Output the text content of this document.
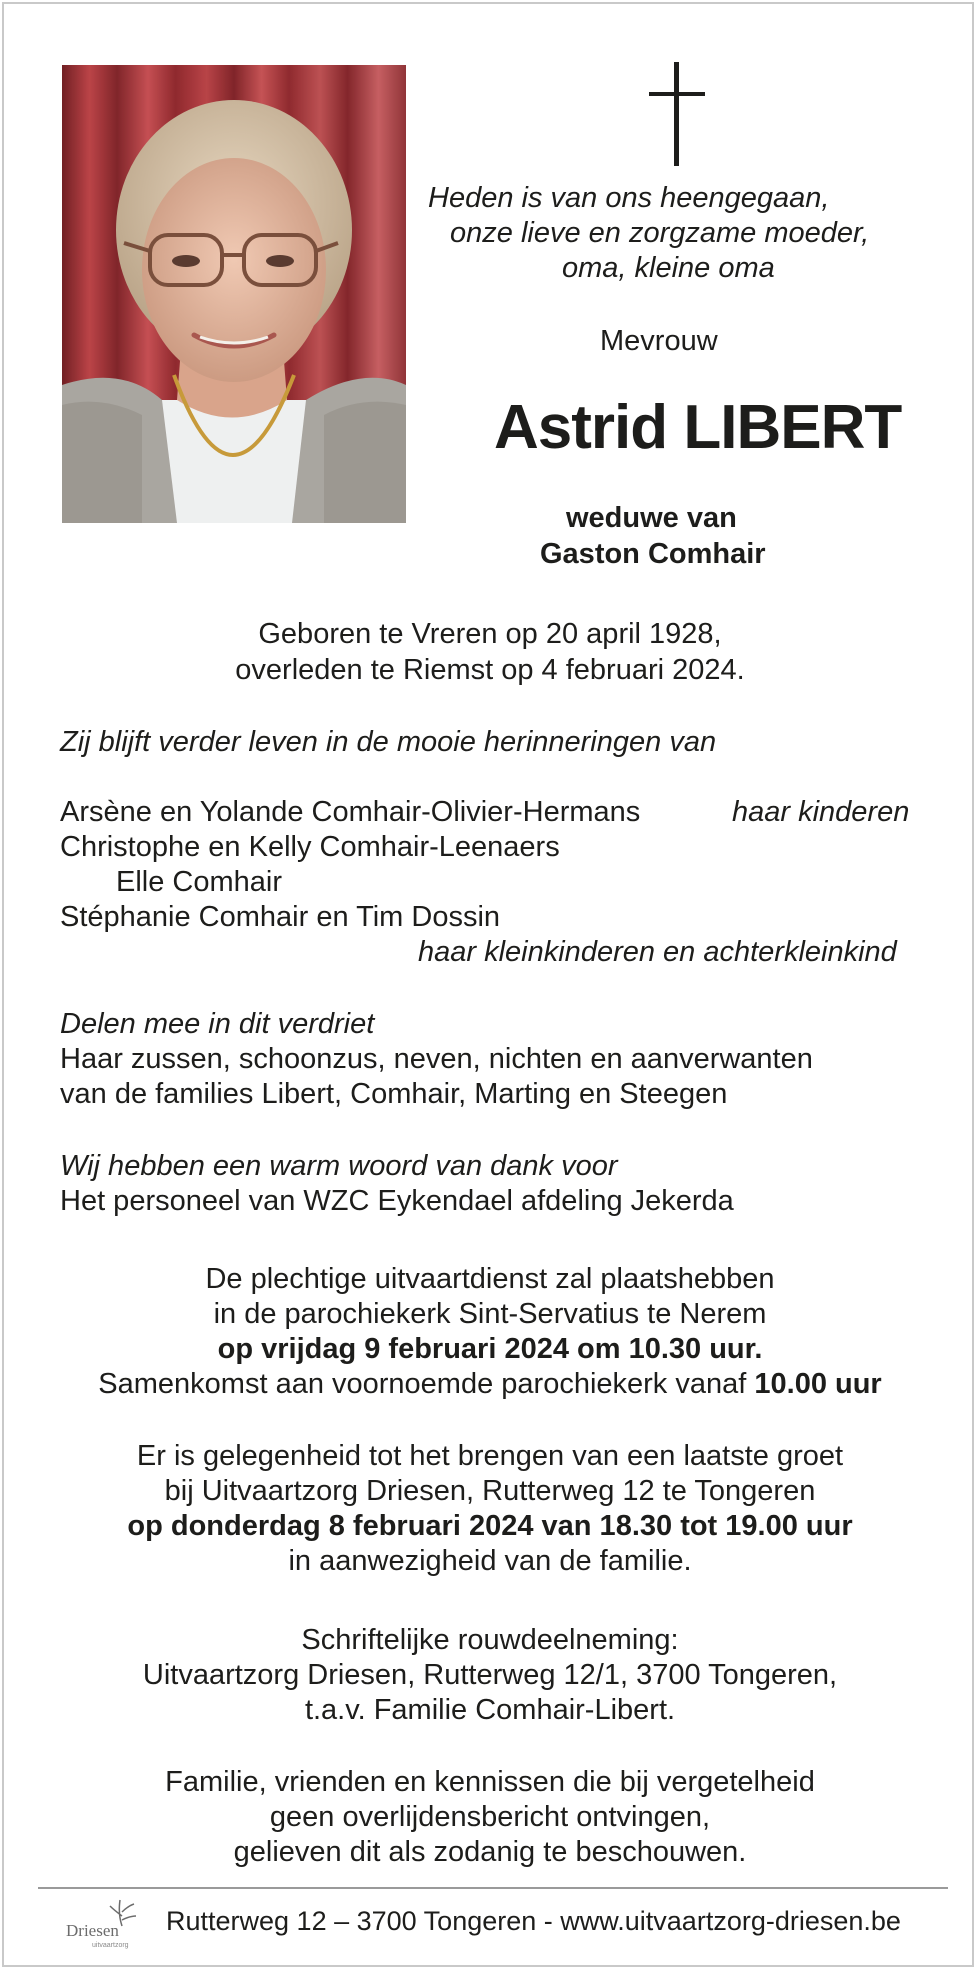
Heden is van ons heengegaan,
onze lieve en zorgzame moeder,
oma, kleine oma
Mevrouw
Astrid LIBERT
weduwe van
Gaston Comhair
Geboren te Vreren op 20 april 1928,
overleden te Riemst op 4 februari 2024.
Zij blijft verder leven in de mooie herinneringen van
Arsène en Yolande Comhair-Olivier-Hermans	haar kinderen
Christophe en Kelly Comhair-Leenaers
Elle Comhair
Stéphanie Comhair en Tim Dossin
haar kleinkinderen en achterkleinkind
Delen mee in dit verdriet
Haar zussen, schoonzus, neven, nichten en aanverwanten
van de families Libert, Comhair, Marting en Steegen
Wij hebben een warm woord van dank voor
Het personeel van WZC Eykendael afdeling Jekerda
De plechtige uitvaartdienst zal plaatshebben
in de parochiekerk Sint-Servatius te Nerem
op vrijdag 9 februari 2024 om 10.30 uur.
Samenkomst aan voornoemde parochiekerk vanaf 10.00 uur
Er is gelegenheid tot het brengen van een laatste groet
bij Uitvaartzorg Driesen, Rutterweg 12 te Tongeren
op donderdag 8 februari 2024 van 18.30 tot 19.00 uur
in aanwezigheid van de familie.
Schriftelijke rouwdeelneming:
Uitvaartzorg Driesen, Rutterweg 12/1, 3700 Tongeren,
t.a.v. Familie Comhair-Libert.
Familie, vrienden en kennissen die bij vergetelheid
geen overlijdensbericht ontvingen,
gelieven dit als zodanig te beschouwen.
Driesen
uitvaartzorg
Rutterweg 12 – 3700 Tongeren - www.uitvaartzorg-driesen.be
